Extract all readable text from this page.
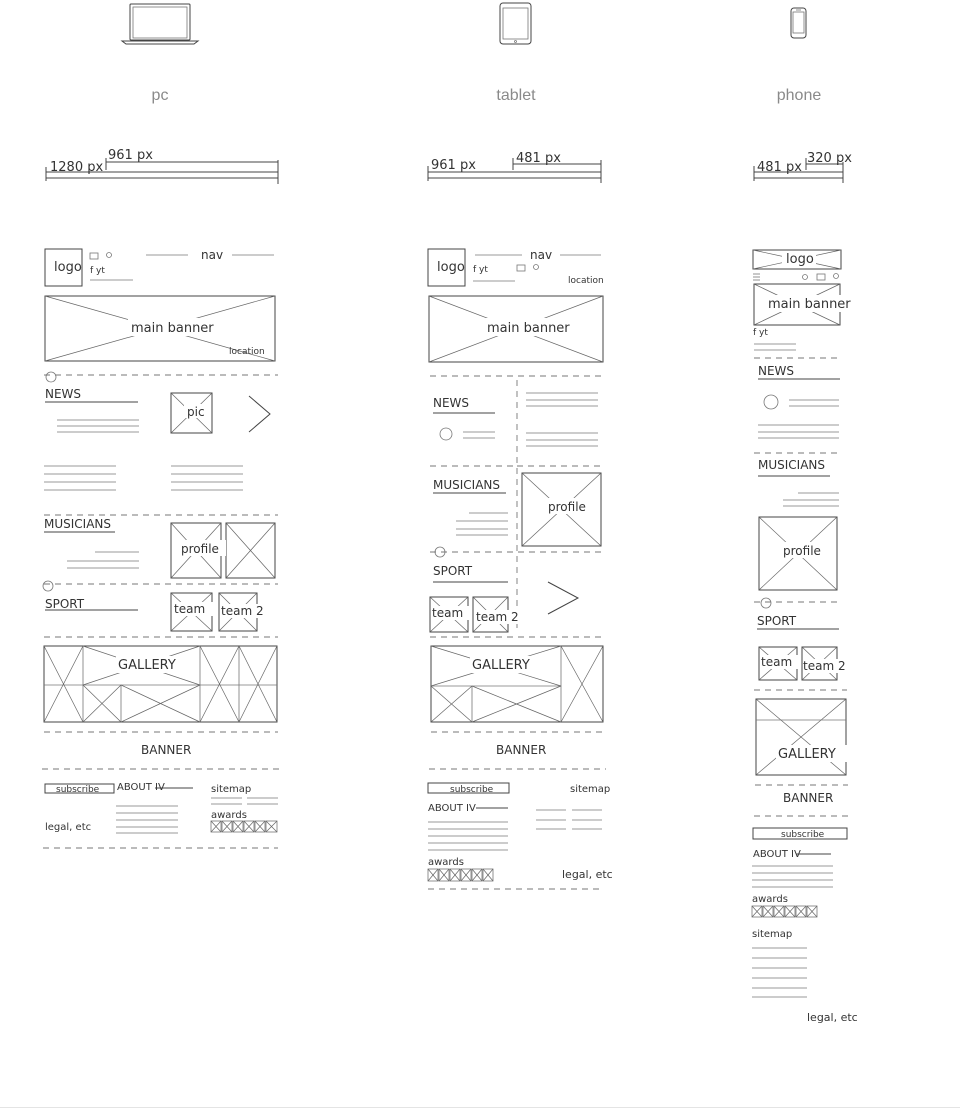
pc	tablet	phone
1280 px
961 px
961 px	481 px
481 px
320 px
logo f yt
nav
main banner
location
NEWS
pic
MUSICIANS
profile
SPORT	team team 2
GALLERY
BANNER
subscribe ABOUT IV
legal, etc
sitemap
awards
logo f yt
nav
location
main banner
NEWS
MUSICIANS
profile
SPORT
team team 2
GALLERY
BANNER
subscribe	sitemap
ABOUT IV
awards
legal, etc
logo
main banner
f yt
NEWS
MUSICIANS
profile
SPORT
team team 2
GALLERY
BANNER
subscribe
ABOUT IV
awards
sitemap
legal, etc
